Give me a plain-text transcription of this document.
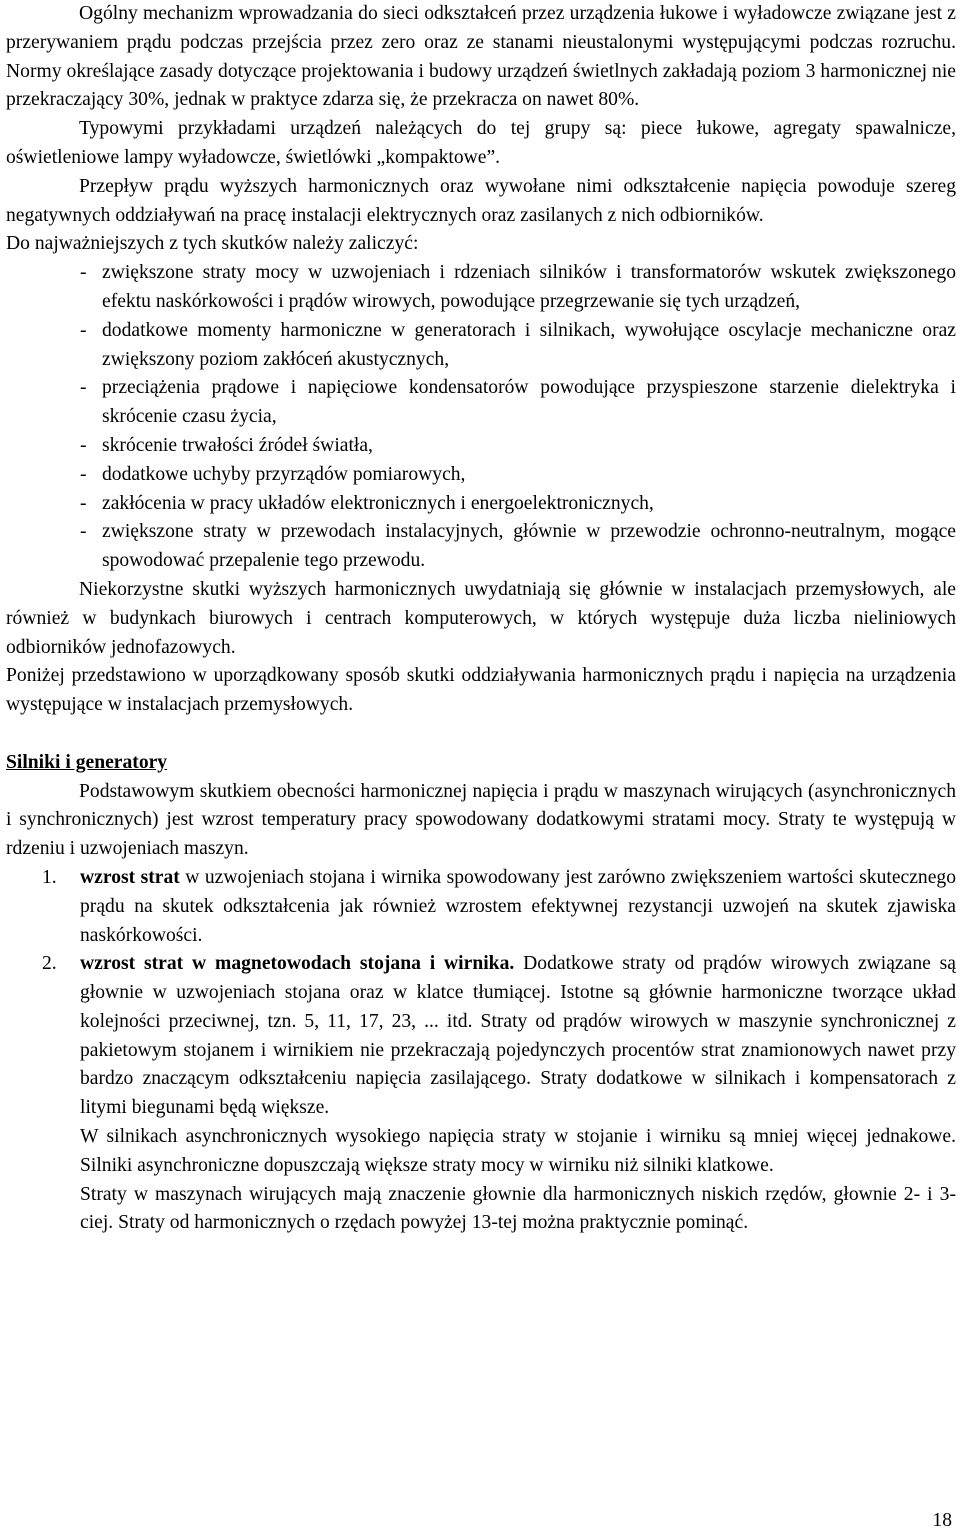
Ogólny mechanizm wprowadzania do sieci odkształceń przez urządzenia łukowe i wyładowcze związane jest z przerywaniem prądu podczas przejścia przez zero oraz ze stanami nieustalonymi występującymi podczas rozruchu. Normy określające zasady dotyczące projektowania i budowy urządzeń świetlnych zakładają poziom 3 harmonicznej nie przekraczający 30%, jednak w praktyce zdarza się, że przekracza on nawet 80%.

Typowymi przykładami urządzeń należących do tej grupy są: piece łukowe, agregaty spawalnicze, oświetleniowe lampy wyładowcze, świetlówki „kompaktowe”.

Przepływ prądu wyższych harmonicznych oraz wywołane nimi odkształcenie napięcia powoduje szereg negatywnych oddziaływań na pracę instalacji elektrycznych oraz zasilanych z nich odbiorników.

Do najważniejszych z tych skutków należy zaliczyć:

- zwiększone straty mocy w uzwojeniach i rdzeniach silników i transformatorów wskutek zwiększonego efektu naskórkowości i prądów wirowych, powodujące przegrzewanie się tych urządzeń,
- dodatkowe momenty harmoniczne w generatorach i silnikach, wywołujące oscylacje mechaniczne oraz zwiększony poziom zakłóceń akustycznych,
- przeciążenia prądowe i napięciowe kondensatorów powodujące przyspieszone starzenie dielektryka i skrócenie czasu życia,
- skrócenie trwałości źródeł światła,
- dodatkowe uchyby przyrządów pomiarowych,
- zakłócenia w pracy układów elektronicznych i energoelektronicznych,
- zwiększone straty w przewodach instalacyjnych, głównie w przewodzie ochronno-neutralnym, mogące spowodować przepalenie tego przewodu.

Niekorzystne skutki wyższych harmonicznych uwydatniają się głównie w instalacjach przemysłowych, ale również w budynkach biurowych i centrach komputerowych, w których występuje duża liczba nieliniowych odbiorników jednofazowych.

Poniżej przedstawiono w uporządkowany sposób skutki oddziaływania harmonicznych prądu i napięcia na urządzenia występujące w instalacjach przemysłowych.

Silniki i generatory

Podstawowym skutkiem obecności harmonicznej napięcia i prądu w maszynach wirujących (asynchronicznych i synchronicznych) jest wzrost temperatury pracy spowodowany dodatkowymi stratami mocy. Straty te występują w rdzeniu i uzwojeniach maszyn.

1. wzrost strat w uzwojeniach stojana i wirnika spowodowany jest zarówno zwiększeniem wartości skutecznego prądu na skutek odkształcenia jak również wzrostem efektywnej rezystancji uzwojeń na skutek zjawiska naskórkowości.
2. wzrost strat w magnetowodach stojana i wirnika. Dodatkowe straty od prądów wirowych związane są głownie w uzwojeniach stojana oraz w klatce tłumiącej. Istotne są głównie harmoniczne tworzące układ kolejności przeciwnej, tzn. 5, 11, 17, 23, ... itd. Straty od prądów wirowych w maszynie synchronicznej z pakietowym stojanem i wirnikiem nie przekraczają pojedynczych procentów strat znamionowych nawet przy bardzo znaczącym odkształceniu napięcia zasilającego. Straty dodatkowe w silnikach i kompensatorach z litymi biegunami będą większe.

W silnikach asynchronicznych wysokiego napięcia straty w stojanie i wirniku są mniej więcej jednakowe. Silniki asynchroniczne dopuszczają większe straty mocy w wirniku niż silniki klatkowe.

Straty w maszynach wirujących mają znaczenie głownie dla harmonicznych niskich rzędów, głownie 2- i 3-ciej. Straty od harmonicznych o rzędach powyżej 13-tej można praktycznie pominąć.

18
